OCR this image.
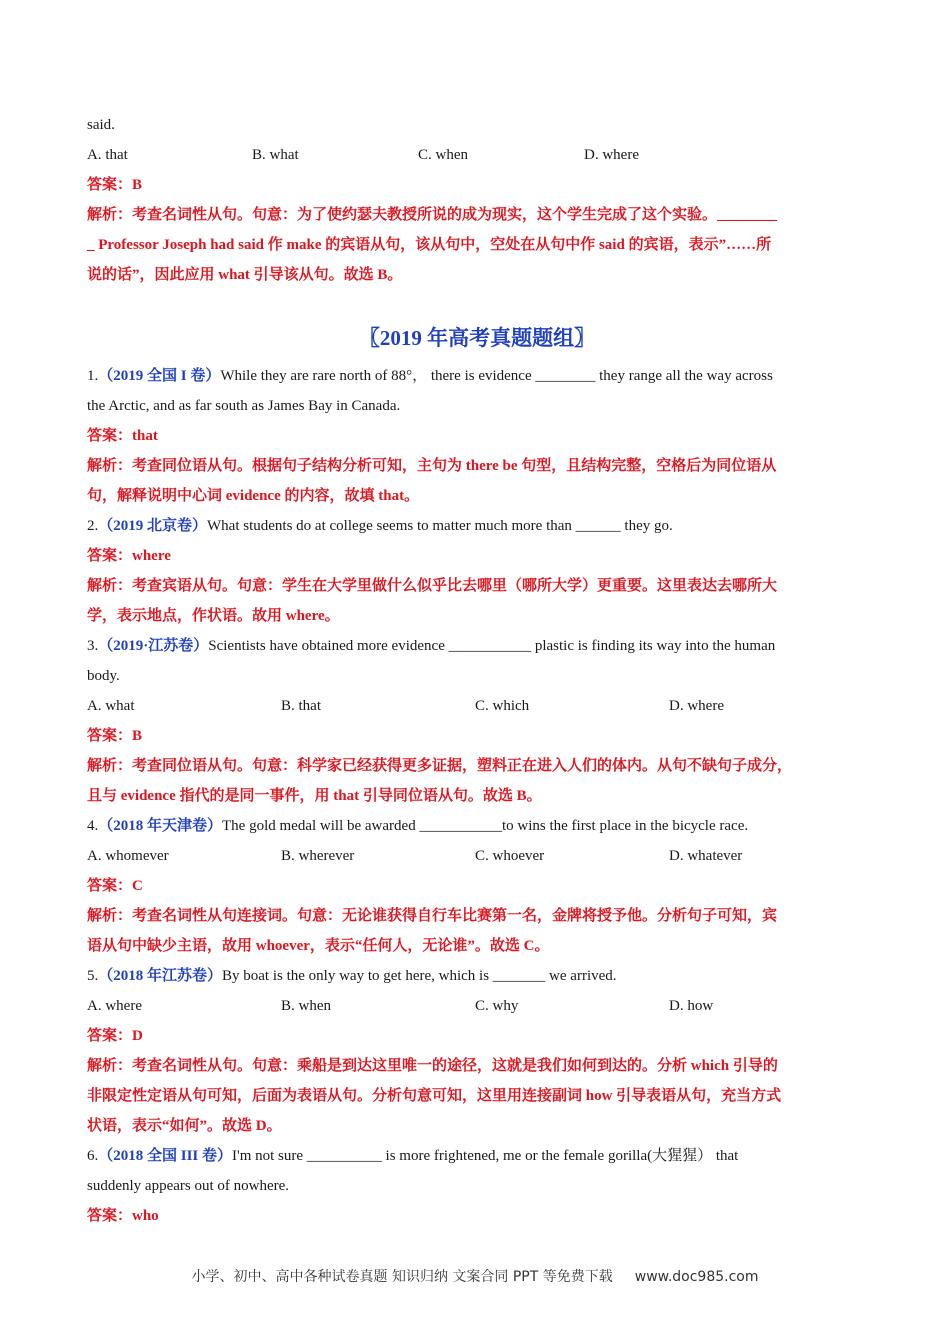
said.
A. that	B. what	C. when	D. where
答案：B
解析：考查名词性从句。句意：为了使约瑟夫教授所说的成为现实，这个学生完成了这个实验。________
_ Professor Joseph had said 作 make 的宾语从句，该从句中，空处在从句中作 said 的宾语，表示”……所
说的话”，因此应用 what 引导该从句。故选 B。
〖2019 年高考真题题组〗
1.（2019 全国 I 卷）While they are rare north of 88°， there is evidence ________ they range all the way across
the Arctic, and as far south as James Bay in Canada.
答案：that
解析：考查同位语从句。根据句子结构分析可知，主句为 there be 句型，且结构完整，空格后为同位语从
句，解释说明中心词 evidence 的内容，故填 that。
2.（2019 北京卷）What students do at college seems to matter much more than ______ they go.
答案：where
解析：考查宾语从句。句意：学生在大学里做什么似乎比去哪里（哪所大学）更重要。这里表达去哪所大
学，表示地点，作状语。故用 where。
3.（2019·江苏卷）Scientists have obtained more evidence ___________ plastic is finding its way into the human
body.
A. what	B. that	C. which	D. where
答案：B
解析：考查同位语从句。句意：科学家已经获得更多证据，塑料正在进入人们的体内。从句不缺句子成分，
且与 evidence 指代的是同一事件，用 that 引导同位语从句。故选 B。
4.（2018 年天津卷）The gold medal will be awarded ___________to wins the first place in the bicycle race.
A. whomever	B. wherever	C. whoever	D. whatever
答案：C
解析：考查名词性从句连接词。句意：无论谁获得自行车比赛第一名，金牌将授予他。分析句子可知，宾
语从句中缺少主语，故用 whoever，表示“任何人，无论谁”。故选 C。
5.（2018 年江苏卷）By boat is the only way to get here, which is _______ we arrived.
A. where	B. when	C. why	D. how
答案：D
解析：考查名词性从句。句意：乘船是到达这里唯一的途径，这就是我们如何到达的。分析 which 引导的
非限定性定语从句可知，后面为表语从句。分析句意可知，这里用连接副词 how 引导表语从句，充当方式
状语，表示“如何”。故选 D。
6.（2018 全国 III 卷）I'm not sure __________ is more frightened, me or the female gorilla(大猩猩） that
suddenly appears out of nowhere.
答案：who
小学、初中、高中各种试卷真题 知识归纳 文案合同 PPT 等免费下载 www.doc985.com
